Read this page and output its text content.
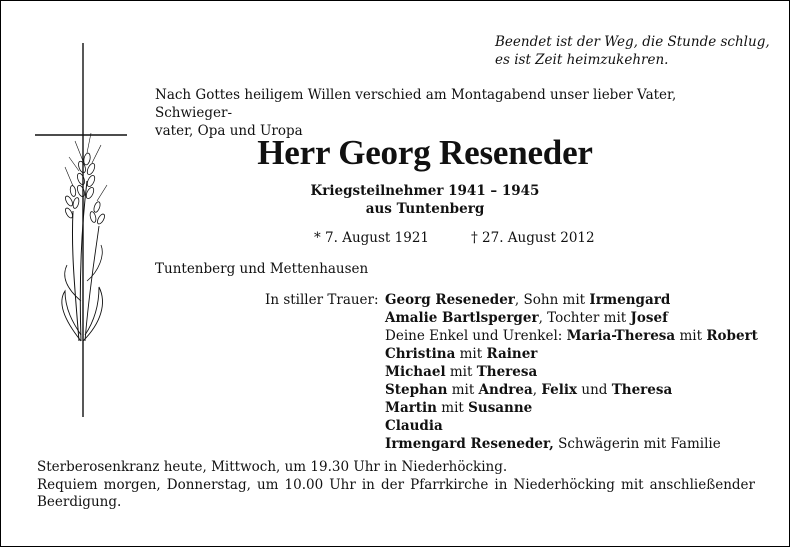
Beendet ist der Weg, die Stunde schlug,
es ist Zeit heimzukehren.
Nach Gottes heiligem Willen verschied am Montagabend unser lieber Vater, Schwieger-
vater, Opa und Uropa
Herr Georg Reseneder
Kriegsteilnehmer 1941 – 1945
aus Tuntenberg
* 7. August 1921	† 27. August 2012
Tuntenberg und Mettenhausen
In stiller Trauer: Georg Reseneder, Sohn mit Irmengard
Amalie Bartlsperger, Tochter mit Josef
Deine Enkel und Urenkel: Maria-Theresa mit Robert
Christina mit Rainer
Michael mit Theresa
Stephan mit Andrea, Felix und Theresa
Martin mit Susanne
Claudia
Irmengard Reseneder, Schwägerin mit Familie
Sterberosenkranz heute, Mittwoch, um 19.30 Uhr in Niederhöcking.
Requiem morgen, Donnerstag, um 10.00 Uhr in der Pfarrkirche in Niederhöcking mit anschließender
Beerdigung.
